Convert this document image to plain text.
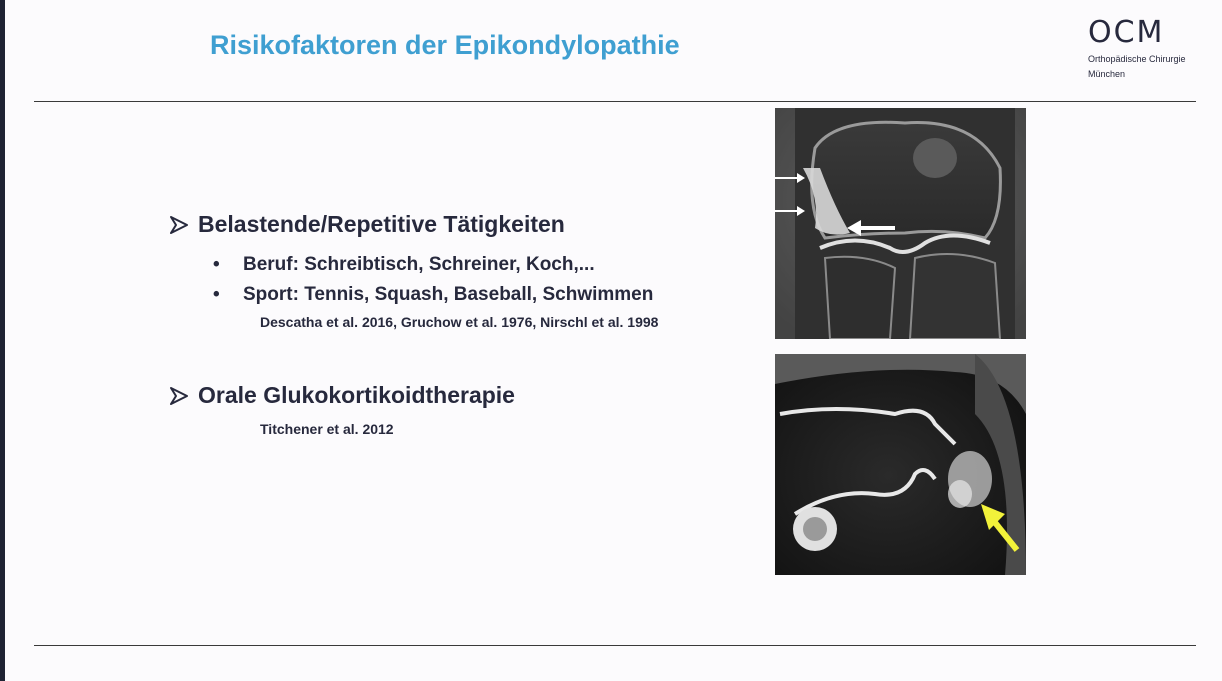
Risikofaktoren der Epikondylopathie	OCM
Orthopädische Chirurgie
München
Belastende/Repetitive Tätigkeiten
• Beruf: Schreibtisch, Schreiner, Koch,...
• Sport: Tennis, Squash, Baseball, Schwimmen
Descatha et al. 2016, Gruchow et al. 1976, Nirschl et al. 1998
Orale Glukokortikoidtherapie
Titchener et al. 2012
